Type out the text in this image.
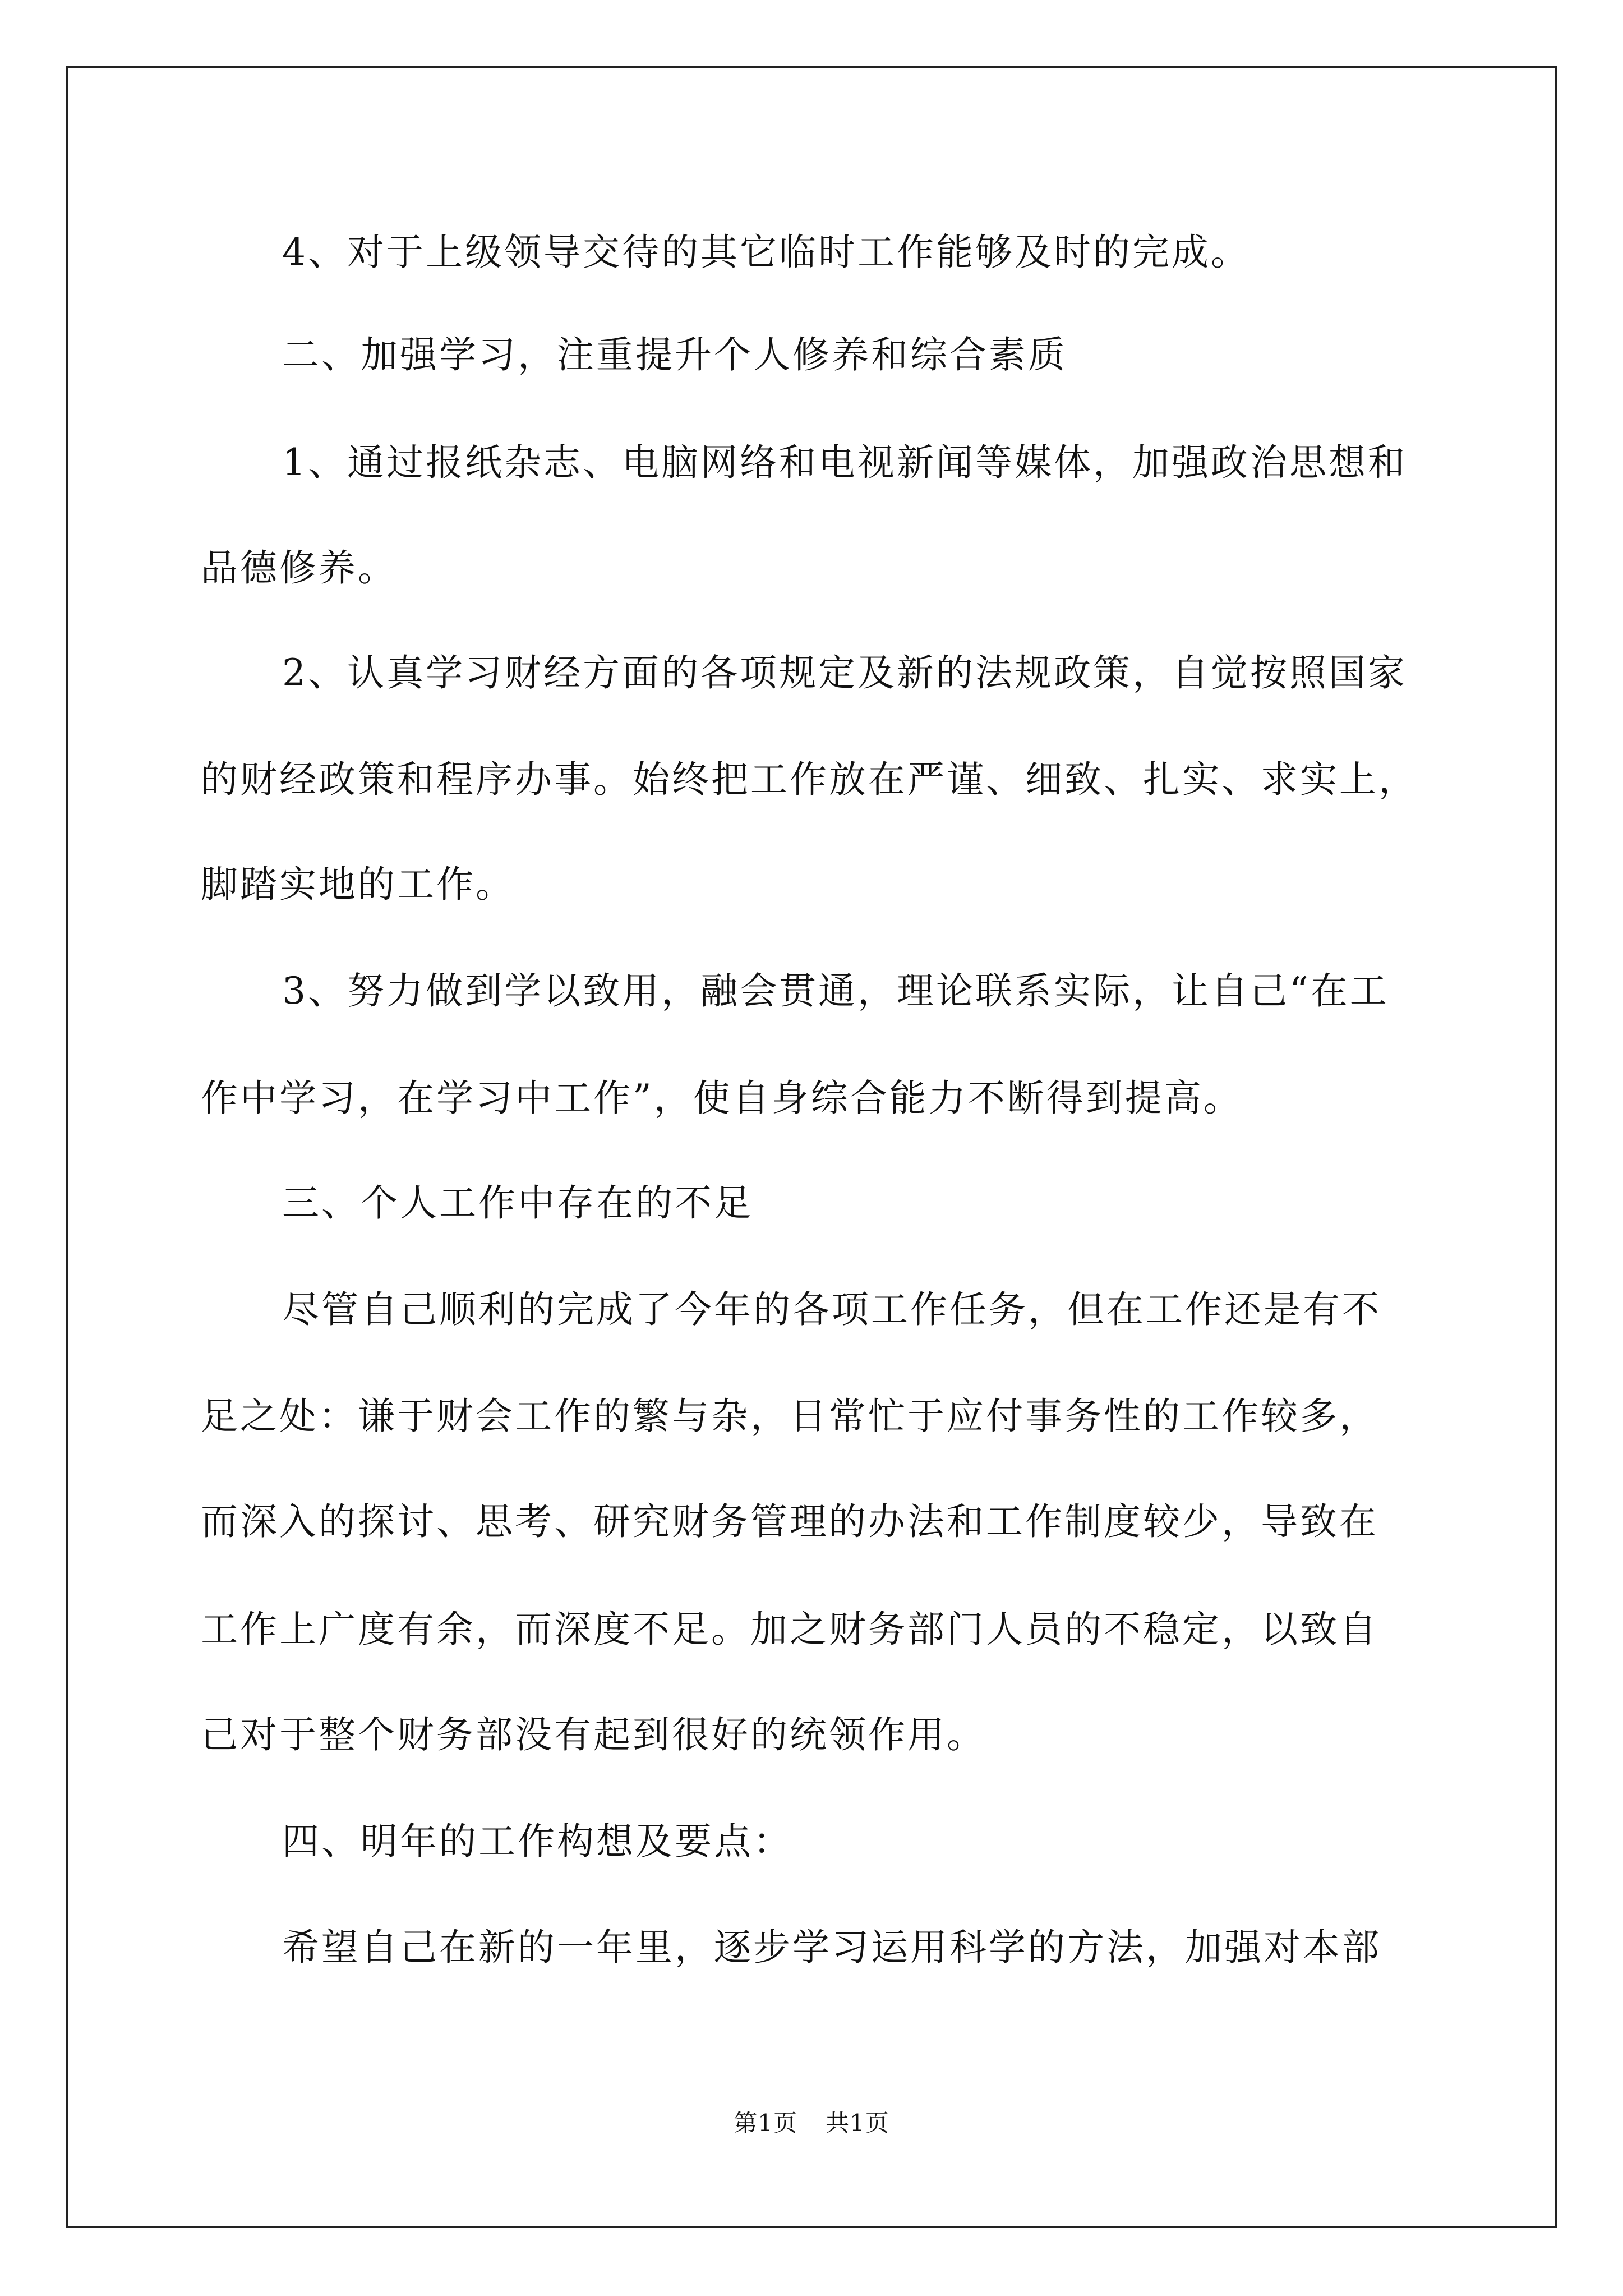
4、对于上级领导交待的其它临时工作能够及时的完成。
二、加强学习，注重提升个人修养和综合素质
1、通过报纸杂志、电脑网络和电视新闻等媒体，加强政治思想和
品德修养。
2、认真学习财经方面的各项规定及新的法规政策，自觉按照国家
的财经政策和程序办事。始终把工作放在严谨、细致、扎实、求实上，
脚踏实地的工作。
3、努力做到学以致用，融会贯通，理论联系实际，让自己“在工
作中学习，在学习中工作”，使自身综合能力不断得到提高。
三、个人工作中存在的不足
尽管自己顺利的完成了今年的各项工作任务，但在工作还是有不
足之处：谦于财会工作的繁与杂，日常忙于应付事务性的工作较多，
而深入的探讨、思考、研究财务管理的办法和工作制度较少，导致在
工作上广度有余，而深度不足。加之财务部门人员的不稳定，以致自
己对于整个财务部没有起到很好的统领作用。
四、明年的工作构想及要点：
希望自己在新的一年里，逐步学习运用科学的方法，加强对本部
第1页 共1页
